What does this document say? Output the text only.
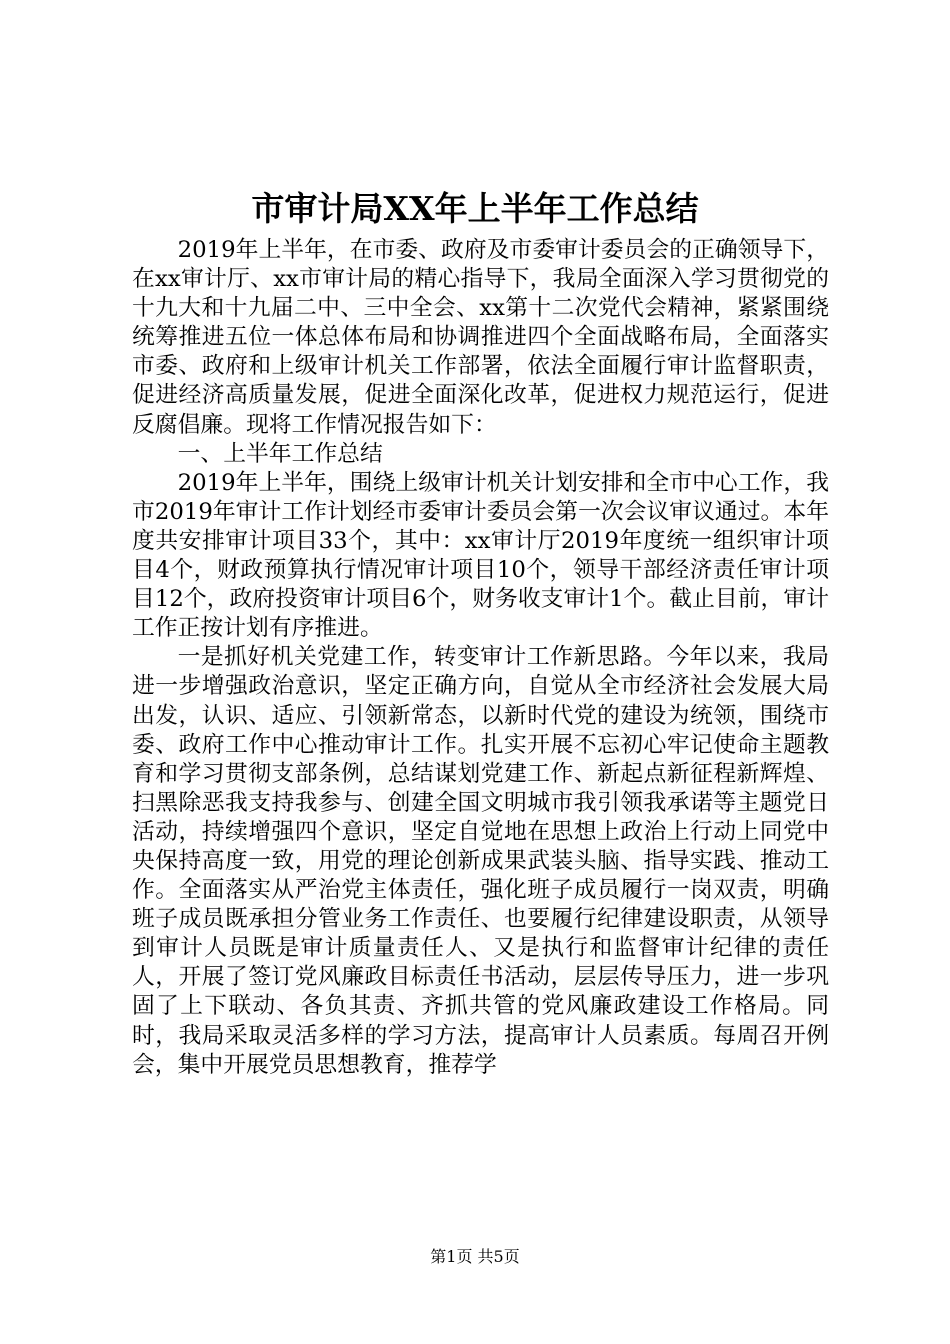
市审计局XX年上半年工作总结

2019年上半年，在市委、政府及市委审计委员会的正确领导下，在xx审计厅、xx市审计局的精心指导下，我局全面深入学习贯彻党的十九大和十九届二中、三中全会、xx第十二次党代会精神，紧紧围绕统筹推进五位一体总体布局和协调推进四个全面战略布局，全面落实市委、政府和上级审计机关工作部署，依法全面履行审计监督职责，促进经济高质量发展，促进全面深化改革，促进权力规范运行，促进反腐倡廉。现将工作情况报告如下：

一、上半年工作总结

2019年上半年，围绕上级审计机关计划安排和全市中心工作，我市2019年审计工作计划经市委审计委员会第一次会议审议通过。本年度共安排审计项目33个，其中：xx审计厅2019年度统一组织审计项目4个，财政预算执行情况审计项目10个，领导干部经济责任审计项目12个，政府投资审计项目6个，财务收支审计1个。截止目前，审计工作正按计划有序推进。

一是抓好机关党建工作，转变审计工作新思路。今年以来，我局进一步增强政治意识，坚定正确方向，自觉从全市经济社会发展大局出发，认识、适应、引领新常态，以新时代党的建设为统领，围绕市委、政府工作中心推动审计工作。扎实开展不忘初心牢记使命主题教育和学习贯彻支部条例，总结谋划党建工作、新起点新征程新辉煌、扫黑除恶我支持我参与、创建全国文明城市我引领我承诺等主题党日活动，持续增强四个意识，坚定自觉地在思想上政治上行动上同党中央保持高度一致，用党的理论创新成果武装头脑、指导实践、推动工作。全面落实从严治党主体责任，强化班子成员履行一岗双责，明确班子成员既承担分管业务工作责任、也要履行纪律建设职责，从领导到审计人员既是审计质量责任人、又是执行和监督审计纪律的责任人，开展了签订党风廉政目标责任书活动，层层传导压力，进一步巩固了上下联动、各负其责、齐抓共管的党风廉政建设工作格局。同时，我局采取灵活多样的学习方法，提高审计人员素质。每周召开例会，集中开展党员思想教育，推荐学

第1页 共5页
